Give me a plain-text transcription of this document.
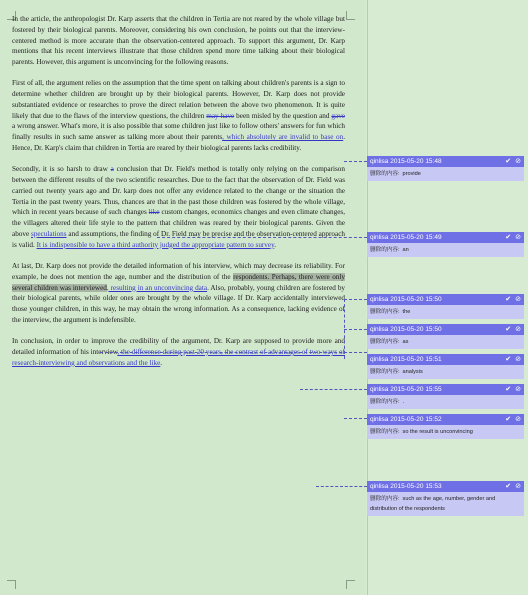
In the article, the anthropologist Dr. Karp asserts that the children in Tertia are not reared by the whole village but fostered by their biological parents. Moreover, considering his own conclusion, he points out that the interview-centered method is more accurate than the observation-centered approach. To support this argument, Dr. Karp mentions that his recent interviews illustrate that those children spend more time talking about their biological parents. However, this argument is unconvincing for the following reasons.

First of all, the argument relies on the assumption that the time spent on talking about children's parents is a sign to determine whether children are brought up by their biological parents. However, Dr. Karp does not provide substantiated evidence or researches to prove the direct relation between the above two phenomenon. It is quite likely that due to the flaws of the interview questions, the children may have been misled by the question and gave a wrong answer. What's more, it is also possible that some children just like to follow others' answers for fun which finally results in such same answer as talking more about their parents, which absolutely are invalid to base on. Hence, Dr. Karp's claim that children in Tertia are reared by their biological parents lacks credibility.

Secondly, it is so harsh to draw a conclusion that Dr. Field's method is totally only relying on the comparison between the different results of the two scientific researches. Due to the fact that the observation of Dr. Field was carried out twenty years ago and Dr. karp does not offer any evidence related to the change or the situation the Tertia in the past twenty years. Thus, chances are that in the past those children was fostered by the whole village, which in recent years because of such changes like custom changes, economics changes and even climate changes, the villagers altered their life style to the pattern that children was reared by their biological parents. Given the above speculations and assumptions, the finding of Dr. Field may be precise and the observation-centered approach is valid. It is indispensible to have a third authority judged the appropriate pattern to survey.

At last, Dr. Karp does not provide the detailed information of his interview, which may decrease its reliability. For example, he does not mention the age, number and the distribution of the respondents. Perhaps, there were only several children was interviewed, resulting in an unconvincing data. Also, probably, young children are fostered by their biological parents, while older ones are brought by the whole village. If Dr. Karp accidentally interviewed those younger children, in this way, he may obtain the wrong information. As a consequence, lacking evidence of the interview, the argument is indefensible.

In conclusion, in order to improve the credibility of the argument, Dr. Karp are supposed to provide more and detailed information of his interview, the difference during past 20 years, the contrast of advantages of two ways of research-interviewing and observations and the like.

qinlisa 2015-05-20 15:48	✔ ⊘
删除的内容: provide
qinlisa 2015-05-20 15:49	✔ ⊘
删除的内容: an
qinlisa 2015-05-20 15:50	✔ ⊘
删除的内容: the
qinlisa 2015-05-20 15:50	✔ ⊘
删除的内容: as
qinlisa 2015-05-20 15:51	✔ ⊘
删除的内容: analysis
qinlisa 2015-05-20 15:55	✔ ⊘
删除的内容: .
qinlisa 2015-05-20 15:52	✔ ⊘
删除的内容: so the result is unconvincing
qinlisa 2015-05-20 15:53	✔ ⊘
删除的内容: such as the age, number, gender and distribution of the respondents
